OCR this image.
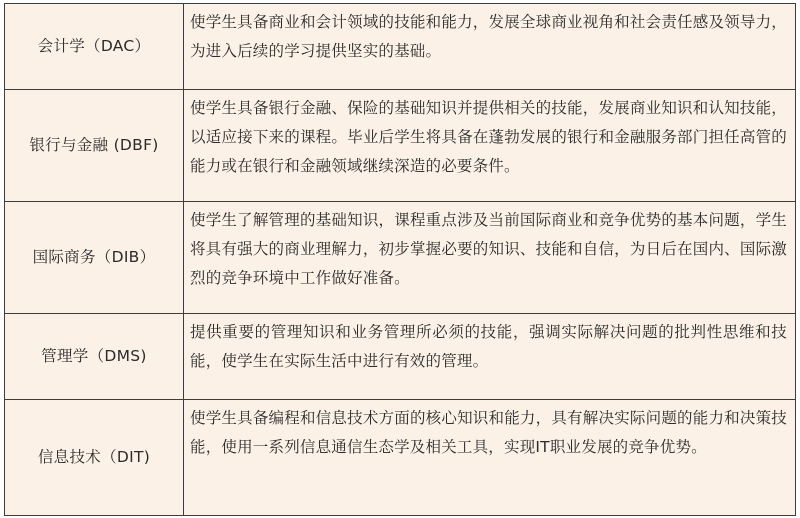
会计学（DAC）	使学生具备商业和会计领域的技能和能力，发展全球商业视角和社会责任感及领导力，为进入后续的学习提供坚实的基础。
银行与金融 (DBF)	使学生具备银行金融、保险的基础知识并提供相关的技能，发展商业知识和认知技能，以适应接下来的课程。毕业后学生将具备在蓬勃发展的银行和金融服务部门担任高管的能力或在银行和金融领域继续深造的必要条件。
国际商务（DIB）	使学生了解管理的基础知识，课程重点涉及当前国际商业和竞争优势的基本问题，学生将具有强大的商业理解力，初步掌握必要的知识、技能和自信，为日后在国内、国际激烈的竞争环境中工作做好准备。
管理学（DMS)	提供重要的管理知识和业务管理所必须的技能，强调实际解决问题的批判性思维和技能，使学生在实际生活中进行有效的管理。
信息技术（DIT)	使学生具备编程和信息技术方面的核心知识和能力，具有解决实际问题的能力和决策技能，使用一系列信息通信生态学及相关工具，实现IT职业发展的竞争优势。
